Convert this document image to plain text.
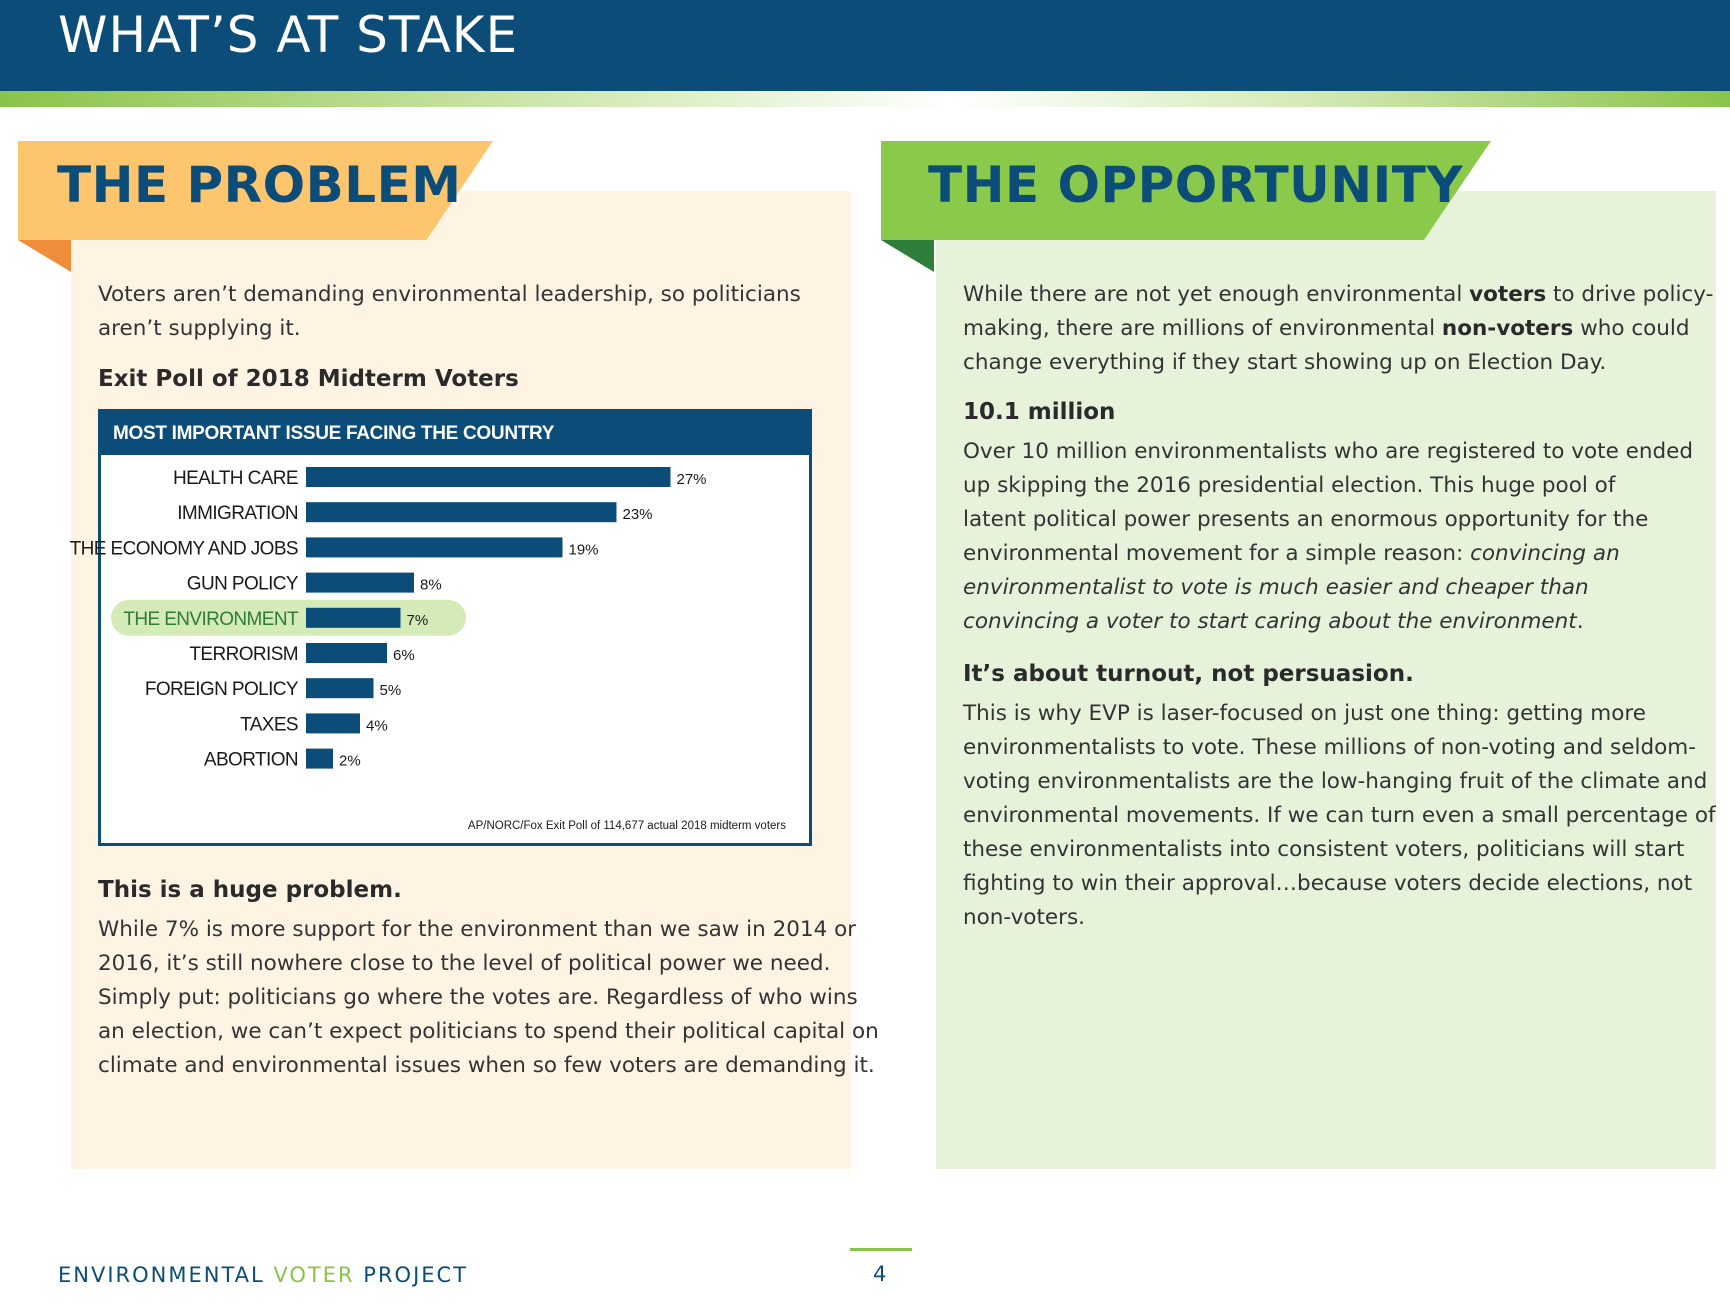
WHAT’S AT STAKE
THE PROBLEM
Voters aren’t demanding environmental leadership, so politicians
aren’t supplying it.
Exit Poll of 2018 Midterm Voters
MOST IMPORTANT ISSUE FACING THE COUNTRY
HEALTH CARE	27%
IMMIGRATION	23%
THE ECONOMY AND JOBS	19%
GUN POLICY	8%
THE ENVIRONMENT	7%
TERRORISM	6%
FOREIGN POLICY	5%
TAXES	4%
ABORTION	2%
AP/NORC/Fox Exit Poll of 114,677 actual 2018 midterm voters
This is a huge problem.
While 7% is more support for the environment than we saw in 2014 or
2016, it’s still nowhere close to the level of political power we need.
Simply put: politicians go where the votes are. Regardless of who wins
an election, we can’t expect politicians to spend their political capital on
climate and environmental issues when so few voters are demanding it.
THE OPPORTUNITY
While there are not yet enough environmental voters to drive policy-
making, there are millions of environmental non-voters who could
change everything if they start showing up on Election Day.
10.1 million
Over 10 million environmentalists who are registered to vote ended
up skipping the 2016 presidential election. This huge pool of
latent political power presents an enormous opportunity for the
environmental movement for a simple reason: convincing an
environmentalist to vote is much easier and cheaper than
convincing a voter to start caring about the environment.
It’s about turnout, not persuasion.
This is why EVP is laser-focused on just one thing: getting more
environmentalists to vote. These millions of non-voting and seldom-
voting environmentalists are the low-hanging fruit of the climate and
environmental movements. If we can turn even a small percentage of
these environmentalists into consistent voters, politicians will start
fighting to win their approval…because voters decide elections, not
non-voters.
ENVIRONMENTAL VOTER PROJECT	4
